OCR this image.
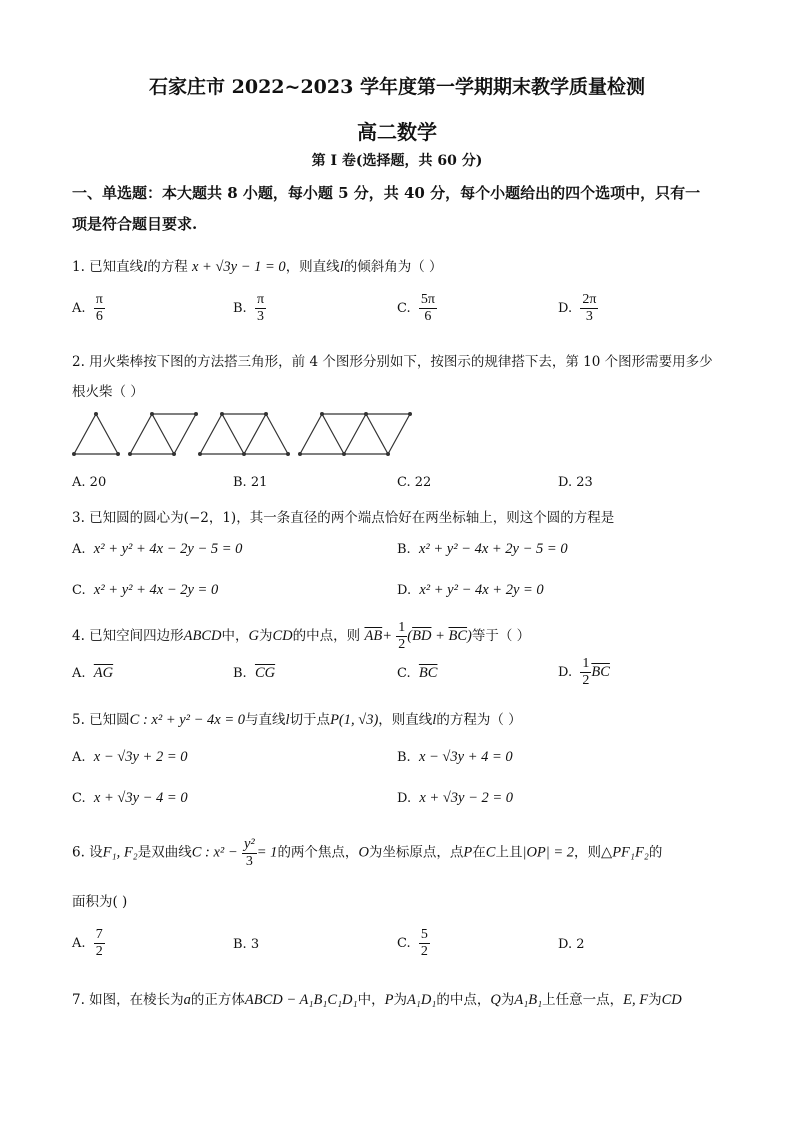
石家庄市 2022~2023 学年度第一学期期末教学质量检测
高二数学
第 I 卷(选择题，共 60 分)
一、单选题：本大题共 8 小题，每小题 5 分，共 40 分，每个小题给出的四个选项中，只有一
项是符合题目要求.
1. 已知直线l的方程 x + √3y − 1 = 0，则直线l的倾斜角为（ ）
A. $\frac{\pi}{6}$	B. $\frac{\pi}{3}$	C. $\frac{5\pi}{6}$	D. $\frac{2\pi}{3}$
2. 用火柴棒按下图的方法搭三角形，前 4 个图形分别如下，按图示的规律搭下去，第 10 个图形需要用多少
根火柴（ ）
A. 20	B. 21	C. 22	D. 23
3. 已知圆的圆心为(−2，1)，其一条直径的两个端点恰好在两坐标轴上，则这个圆的方程是
A. x² + y² + 4x − 2y − 5 = 0	B. x² + y² − 4x + 2y − 5 = 0
C. x² + y² + 4x − 2y = 0	D. x² + y² − 4x + 2y = 0
4. 已知空间四边形ABCD中，G为CD的中点，则 $\overline{AB}+ \frac{1}{2} (\overline{BD} + \overline{BC})$等于（ ）
A. $\overline{AG}$	B. $\overline{CG}$	C. $\overline{BC}$	D. $\frac{1}{2} \overline{BC}$
5. 已知圆C : x² + y² − 4x = 0与直线l切于点P(1, √3)，则直线l的方程为（ ）
A. x − √3y + 2 = 0	B. x − √3y + 4 = 0
C. x + √3y − 4 = 0	D. x + √3y − 2 = 0
6. 设F₁, F₂是双曲线C : $x^2 - \frac{\text{y²}}{3} = 1$的两个焦点，O为坐标原点，点P在C上且|OP| = 2，则△PF₁F₂的
面积为( )
A. $\frac{7}{2}$	B. 3	C. $\frac{5}{2}$	D. 2
7. 如图，在棱长为a的正方体ABCD − A₁B₁C₁D₁中，P为A₁D₁的中点，Q为A₁B₁上任意一点，E, F为CD
